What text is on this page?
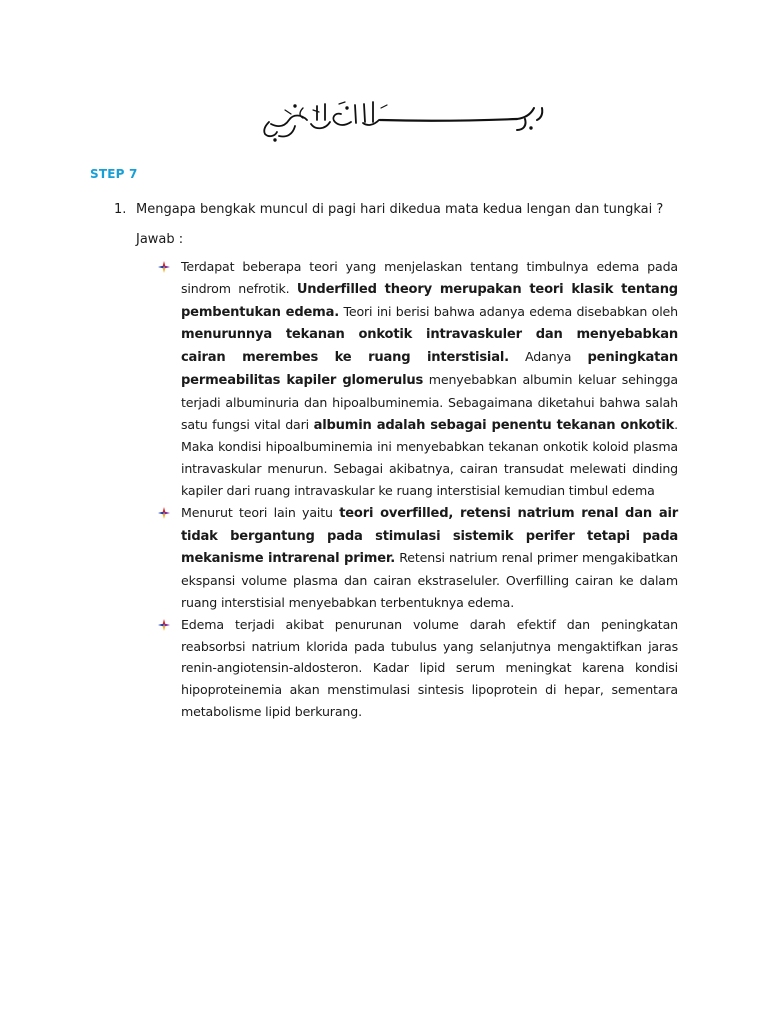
STEP 7
1. Mengapa bengkak muncul di pagi hari dikedua mata kedua lengan dan tungkai ?
Jawab :
Terdapat beberapa teori yang menjelaskan tentang timbulnya edema pada sindrom nefrotik. Underfilled theory merupakan teori klasik tentang pembentukan edema. Teori ini berisi bahwa adanya edema disebabkan oleh menurunnya tekanan onkotik intravaskuler dan menyebabkan cairan merembes ke ruang interstisial. Adanya peningkatan permeabilitas kapiler glomerulus menyebabkan albumin keluar sehingga terjadi albuminuria dan hipoalbuminemia. Sebagaimana diketahui bahwa salah satu fungsi vital dari albumin adalah sebagai penentu tekanan onkotik. Maka kondisi hipoalbuminemia ini menyebabkan tekanan onkotik koloid plasma intravaskular menurun. Sebagai akibatnya, cairan transudat melewati dinding kapiler dari ruang intravaskular ke ruang interstisial kemudian timbul edema
Menurut teori lain yaitu teori overfilled, retensi natrium renal dan air tidak bergantung pada stimulasi sistemik perifer tetapi pada mekanisme intrarenal primer. Retensi natrium renal primer mengakibatkan ekspansi volume plasma dan cairan ekstraseluler. Overfilling cairan ke dalam ruang interstisial menyebabkan terbentuknya edema.
Edema terjadi akibat penurunan volume darah efektif dan peningkatan reabsorbsi natrium klorida pada tubulus yang selanjutnya mengaktifkan jaras renin-angiotensin-aldosteron. Kadar lipid serum meningkat karena kondisi hipoproteinemia akan menstimulasi sintesis lipoprotein di hepar, sementara metabolisme lipid berkurang.
